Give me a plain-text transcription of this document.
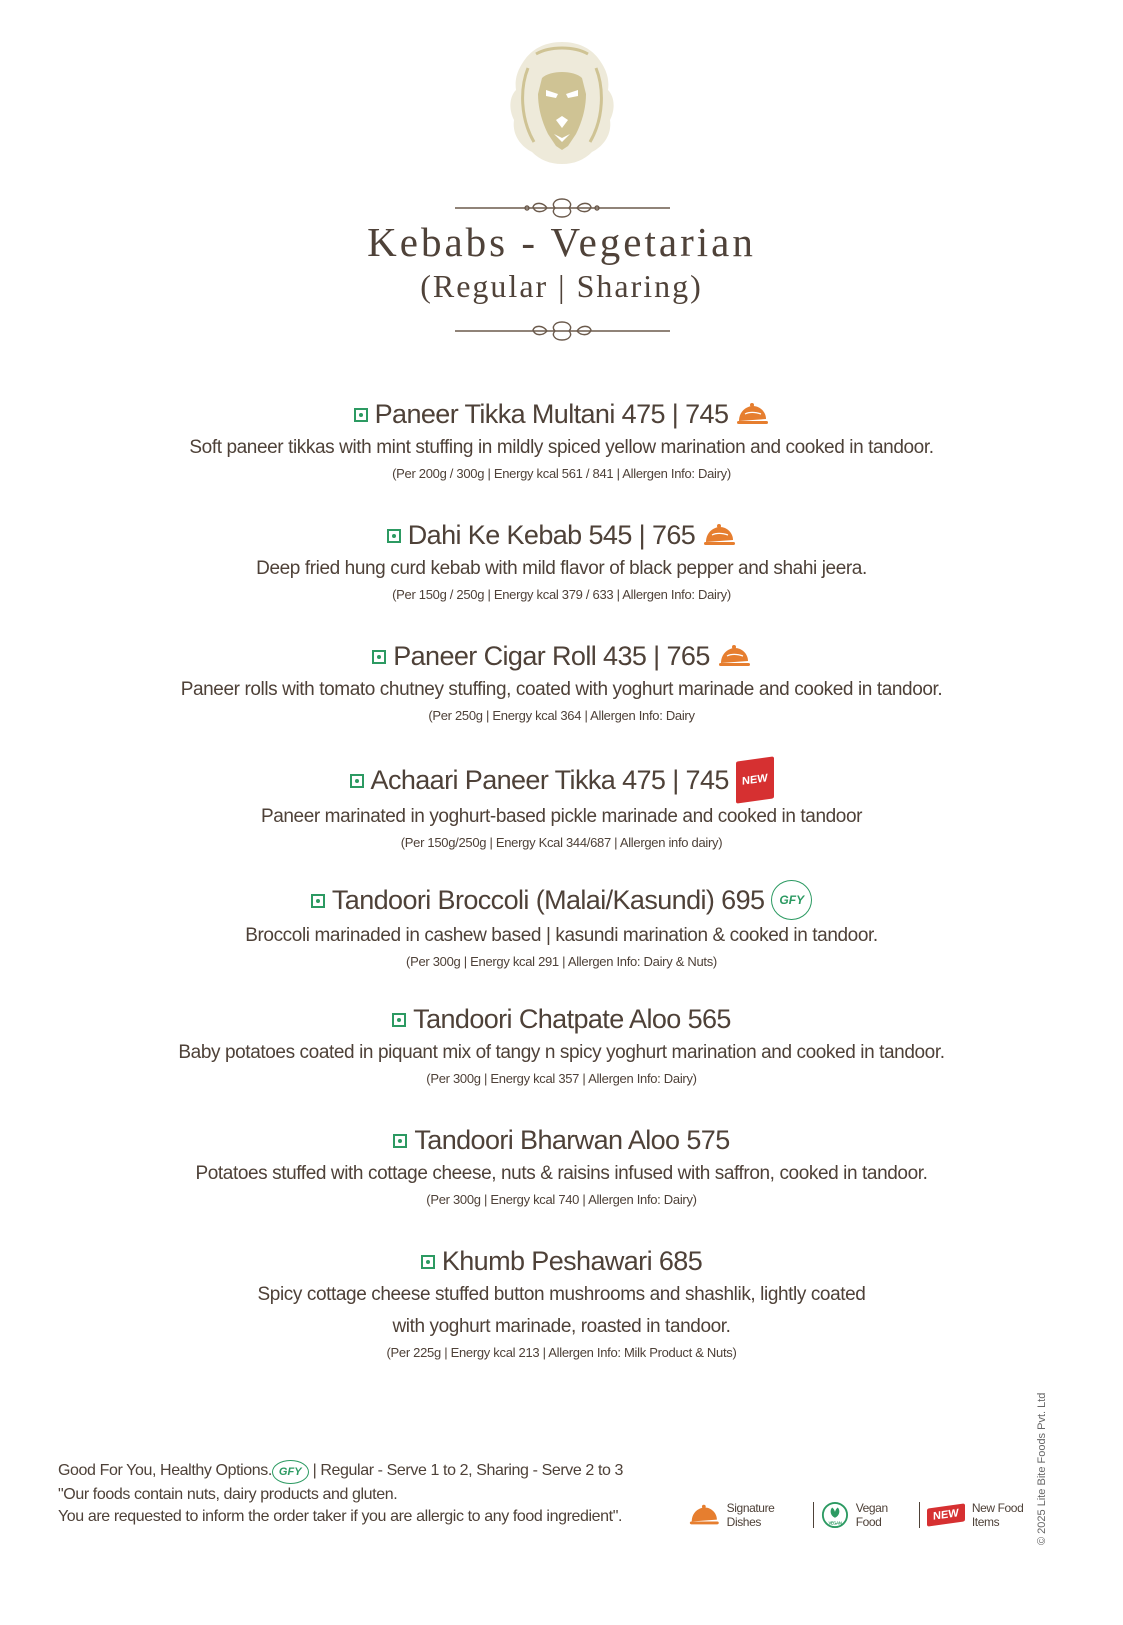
Kebabs - Vegetarian
(Regular | Sharing)
Paneer Tikka Multani 475 | 745
Soft paneer tikkas with mint stuffing in mildly spiced yellow marination and cooked in tandoor.
(Per 200g / 300g | Energy kcal 561 / 841 | Allergen Info: Dairy)
Dahi Ke Kebab 545 | 765
Deep fried hung curd kebab with mild flavor of black pepper and shahi jeera.
(Per 150g / 250g | Energy kcal 379 / 633 | Allergen Info: Dairy)
Paneer Cigar Roll 435 | 765
Paneer rolls with tomato chutney stuffing, coated with yoghurt marinade and cooked in tandoor.
(Per 250g | Energy kcal 364 | Allergen Info: Dairy
Achaari Paneer Tikka 475 | 745	NEW
Paneer marinated in yoghurt-based pickle marinade and cooked in tandoor
(Per 150g/250g | Energy Kcal 344/687 | Allergen info dairy)
Tandoori Broccoli (Malai/Kasundi) 695	GFY
Broccoli marinaded in cashew based | kasundi marination & cooked in tandoor.
(Per 300g | Energy kcal 291 | Allergen Info: Dairy & Nuts)
Tandoori Chatpate Aloo 565
Baby potatoes coated in piquant mix of tangy n spicy yoghurt marination and cooked in tandoor.
(Per 300g | Energy kcal 357 | Allergen Info: Dairy)
Tandoori Bharwan Aloo 575
Potatoes stuffed with cottage cheese, nuts & raisins infused with saffron, cooked in tandoor.
(Per 300g | Energy kcal 740 | Allergen Info: Dairy)
Khumb Peshawari 685
Spicy cottage cheese stuffed button mushrooms and shashlik, lightly coated
with yoghurt marinade, roasted in tandoor.
(Per 225g | Energy kcal 213 | Allergen Info: Milk Product & Nuts)
Good For You, Healthy Options. GFY | Regular - Serve 1 to 2, Sharing - Serve 2 to 3
"Our foods contain nuts, dairy products and gluten.
You are requested to inform the order taker if you are allergic to any food ingredient".	Signature Dishes	VEGAN
Vegan Food	NEW	New Food Items	© 2025 Lite Bite Foods Pvt. Ltd
